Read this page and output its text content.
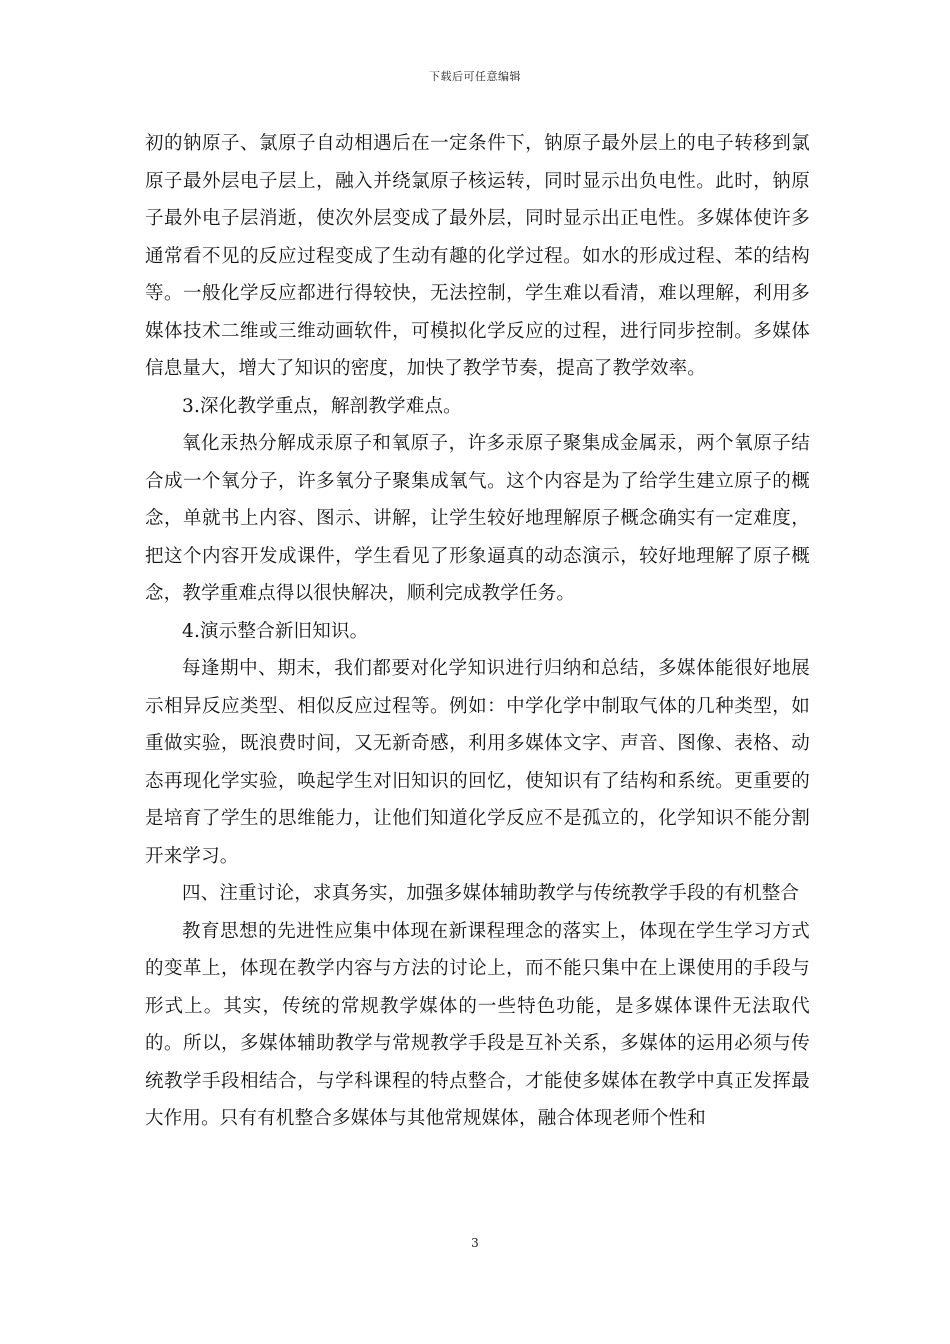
下载后可任意编辑

初的钠原子、氯原子自动相遇后在一定条件下，钠原子最外层上的电子转移到氯原子最外层电子层上，融入并绕氯原子核运转，同时显示出负电性。此时，钠原子最外电子层消逝，使次外层变成了最外层，同时显示出正电性。多媒体使许多通常看不见的反应过程变成了生动有趣的化学过程。如水的形成过程、苯的结构等。一般化学反应都进行得较快，无法控制，学生难以看清，难以理解，利用多媒体技术二维或三维动画软件，可模拟化学反应的过程，进行同步控制。多媒体信息量大，增大了知识的密度，加快了教学节奏，提高了教学效率。

3.深化教学重点，解剖教学难点。

氧化汞热分解成汞原子和氧原子，许多汞原子聚集成金属汞，两个氧原子结合成一个氧分子，许多氧分子聚集成氧气。这个内容是为了给学生建立原子的概念，单就书上内容、图示、讲解，让学生较好地理解原子概念确实有一定难度，把这个内容开发成课件，学生看见了形象逼真的动态演示，较好地理解了原子概念，教学重难点得以很快解决，顺利完成教学任务。

4.演示整合新旧知识。

每逢期中、期末，我们都要对化学知识进行归纳和总结，多媒体能很好地展示相异反应类型、相似反应过程等。例如：中学化学中制取气体的几种类型，如重做实验，既浪费时间，又无新奇感，利用多媒体文字、声音、图像、表格、动态再现化学实验，唤起学生对旧知识的回忆，使知识有了结构和系统。更重要的是培育了学生的思维能力，让他们知道化学反应不是孤立的，化学知识不能分割开来学习。

四、注重讨论，求真务实，加强多媒体辅助教学与传统教学手段的有机整合

教育思想的先进性应集中体现在新课程理念的落实上，体现在学生学习方式的变革上，体现在教学内容与方法的讨论上，而不能只集中在上课使用的手段与形式上。其实，传统的常规教学媒体的一些特色功能，是多媒体课件无法取代的。所以，多媒体辅助教学与常规教学手段是互补关系，多媒体的运用必须与传统教学手段相结合，与学科课程的特点整合，才能使多媒体在教学中真正发挥最大作用。只有有机整合多媒体与其他常规媒体，融合体现老师个性和

3
